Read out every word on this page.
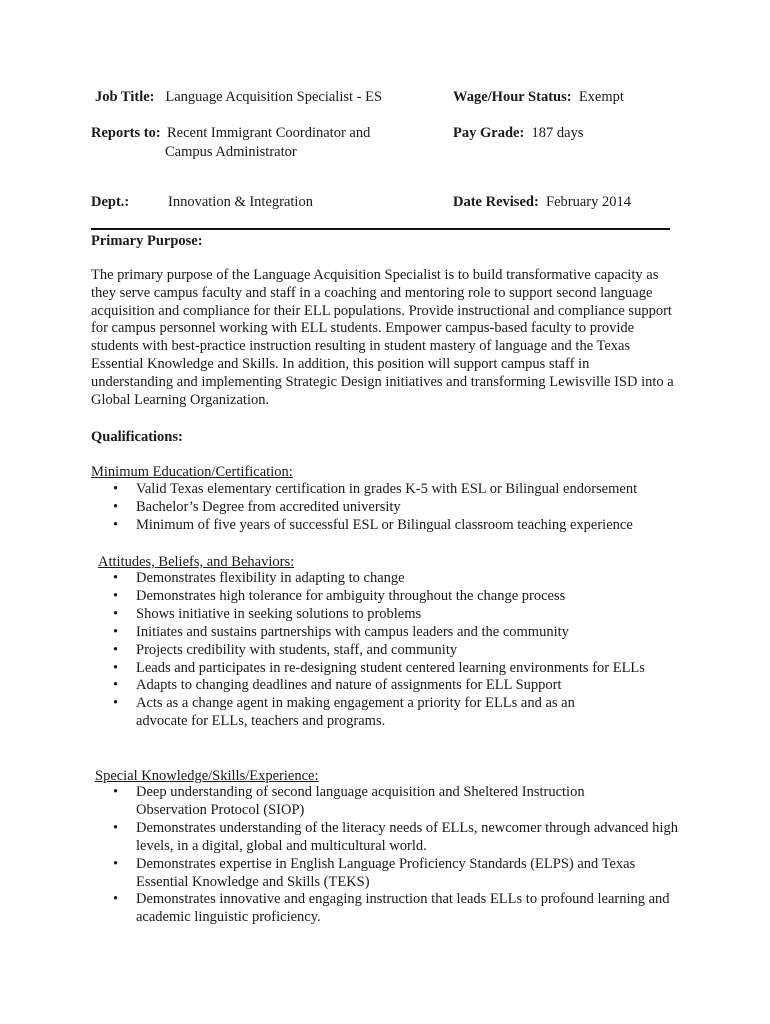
Job Title: Language Acquisition Specialist - ES	Wage/Hour Status: Exempt
Reports to: Recent Immigrant Coordinator and
Campus Administrator
Pay Grade: 187 days
Dept.:	Innovation & Integration	Date Revised: February 2014
Primary Purpose:
The primary purpose of the Language Acquisition Specialist is to build transformative capacity as they serve campus faculty and staff in a coaching and mentoring role to support second language acquisition and compliance for their ELL populations. Provide instructional and compliance support for campus personnel working with ELL students. Empower campus-based faculty to provide students with best-practice instruction resulting in student mastery of language and the Texas Essential Knowledge and Skills. In addition, this position will support campus staff in understanding and implementing Strategic Design initiatives and transforming Lewisville ISD into a Global Learning Organization.
Qualifications:
Minimum Education/Certification:
• Valid Texas elementary certification in grades K-5 with ESL or Bilingual endorsement
• Bachelor’s Degree from accredited university
• Minimum of five years of successful ESL or Bilingual classroom teaching experience
Attitudes, Beliefs, and Behaviors:
• Demonstrates flexibility in adapting to change
• Demonstrates high tolerance for ambiguity throughout the change process
• Shows initiative in seeking solutions to problems
• Initiates and sustains partnerships with campus leaders and the community
• Projects credibility with students, staff, and community
• Leads and participates in re-designing student centered learning environments for ELLs
• Adapts to changing deadlines and nature of assignments for ELL Support
• Acts as a change agent in making engagement a priority for ELLs and as an advocate for ELLs, teachers and programs.
Special Knowledge/Skills/Experience:
• Deep understanding of second language acquisition and Sheltered Instruction Observation Protocol (SIOP)
• Demonstrates understanding of the literacy needs of ELLs, newcomer through advanced high levels, in a digital, global and multicultural world.
• Demonstrates expertise in English Language Proficiency Standards (ELPS) and Texas Essential Knowledge and Skills (TEKS)
• Demonstrates innovative and engaging instruction that leads ELLs to profound learning and academic linguistic proficiency.
